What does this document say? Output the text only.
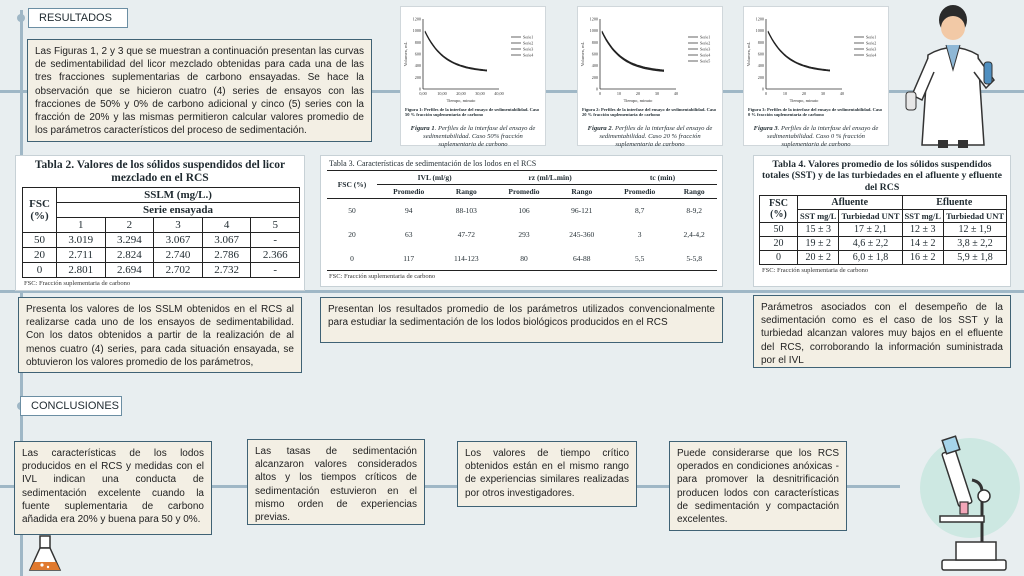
RESULTADOS
CONCLUSIONES
Las Figuras 1, 2 y 3 que se muestran a continuación presentan las curvas de sedimentabilidad del licor mezclado obtenidas para cada una de las tres fracciones suplementarias de carbono ensayadas. Se hace la observación que se hicieron cuatro (4) series de ensayos con las fracciones de 50% y 0% de carbono adicional y cinco (5) series con la fracción de 20% y las mismas permitieron calcular valores promedio de los parámetros característicos del proceso de sedimentación.
1200
1000
800
600
400
200
0
0,00	10,00 20,00 30,00 40,00
Tiempo, minuto
Volumen, mL
Serie1
Serie2
Serie3
Serie4
Figura 1: Perfiles de la interfase del ensayo de sedimentabilidad. Caso 50 % fracción suplementaria de carbono
Figura 1. Perfiles de la interfase del ensayo de sedimentabilidad. Caso 50% fracción suplementaria de carbono
1200
1000
800
600
400
200
0
0	10	20	30	40
Tiempo, minuto
Volumen, mL
Serie1
Serie2
Serie3
Serie4
Serie5
Figura 2: Perfiles de la interfase del ensayo de sedimentabilidad. Caso 20 % fracción suplementaria de carbono
Figura 2. Perfiles de la interfase del ensayo de sedimentabilidad. Caso 20 % fracción suplementaria de carbono
1200
1000
800
600
400
200
0
0	10	20	30	40
Tiempo, minuto
Volumen, mL
Serie1
Serie2
Serie3
Serie4
Figura 3: Perfiles de la interfase del ensayo de sedimentabilidad. Caso 0 % fracción suplementaria de carbono
Figura 3. Perfiles de la interfase del ensayo de sedimentabilidad. Caso 0 % fracción suplementaria de carbono
Tabla 2. Valores de los sólidos suspendidos del licor mezclado en el RCS
FSC (%)	SSLM (mg/L.)				
	Serie ensayada				
	1	2	3	4	5
50	3.019	3.294	3.067	3.067	-
20	2.711	2.824	2.740	2.786	2.366
0	2.801	2.694	2.702	2.732	-
FSC: Fracción suplementaria de carbono
Presenta los valores de los SSLM obtenidos en el RCS al realizarse cada uno de los ensayos de sedimentabilidad. Con los datos obtenidos a partir de la realización de al menos cuatro (4) series, para cada situación ensayada, se obtuvieron los valores promedio de los parámetros,
Tabla 3. Características de sedimentación de los lodos en el RCS
FSC (%)	IVL (ml/g)		rz (ml/L.min)		tc (min)	
	Promedio	Rango	Promedio	Rango	Promedio	Rango
50	94	88-103	106	96-121	8,7	8-9,2
20	63	47-72	293	245-360	3	2,4-4,2
0	117	114-123	80	64-88	5,5	5-5,8
FSC: Fracción suplementaria de carbono
Presentan los resultados promedio de los parámetros utilizados convencionalmente para estudiar la sedimentación de los lodos biológicos producidos en el RCS
Tabla 4. Valores promedio de los sólidos suspendidos totales (SST) y de las turbiedades en el afluente y efluente del RCS
FSC (%)	Afluente		Efluente	
	SST mg/L	Turbiedad UNT	SST mg/L	Turbiedad UNT
50	15 ± 3	17 ± 2,1	12 ± 3	12 ± 1,9
20	19 ± 2	4,6 ± 2,2	14 ± 2	3,8 ± 2,2
0	20 ± 2	6,0 ± 1,8	16 ± 2	5,9 ± 1,8
FSC: Fracción suplementaria de carbono
Parámetros asociados con el desempeño de la sedimentación como es el caso de los SST y la turbiedad alcanzan valores muy bajos en el efluente del RCS, corroborando la información suministrada por el IVL
Las características de los lodos producidos en el RCS y medidas con el IVL indican una conducta de sedimentación excelente cuando la fuente suplementaria de carbono añadida era 20% y buena para 50 y 0%.
Las tasas de sedimentación alcanzaron valores considerados altos y los tiempos críticos de sedimentación estuvieron en el mismo orden de experiencias previas.
Los valores de tiempo crítico obtenidos están en el mismo rango de experiencias similares realizadas por otros investigadores.
Puede considerarse que los RCS operados en condiciones anóxicas - para promover la desnitrificación producen lodos con características de sedimentación y compactación excelentes.
